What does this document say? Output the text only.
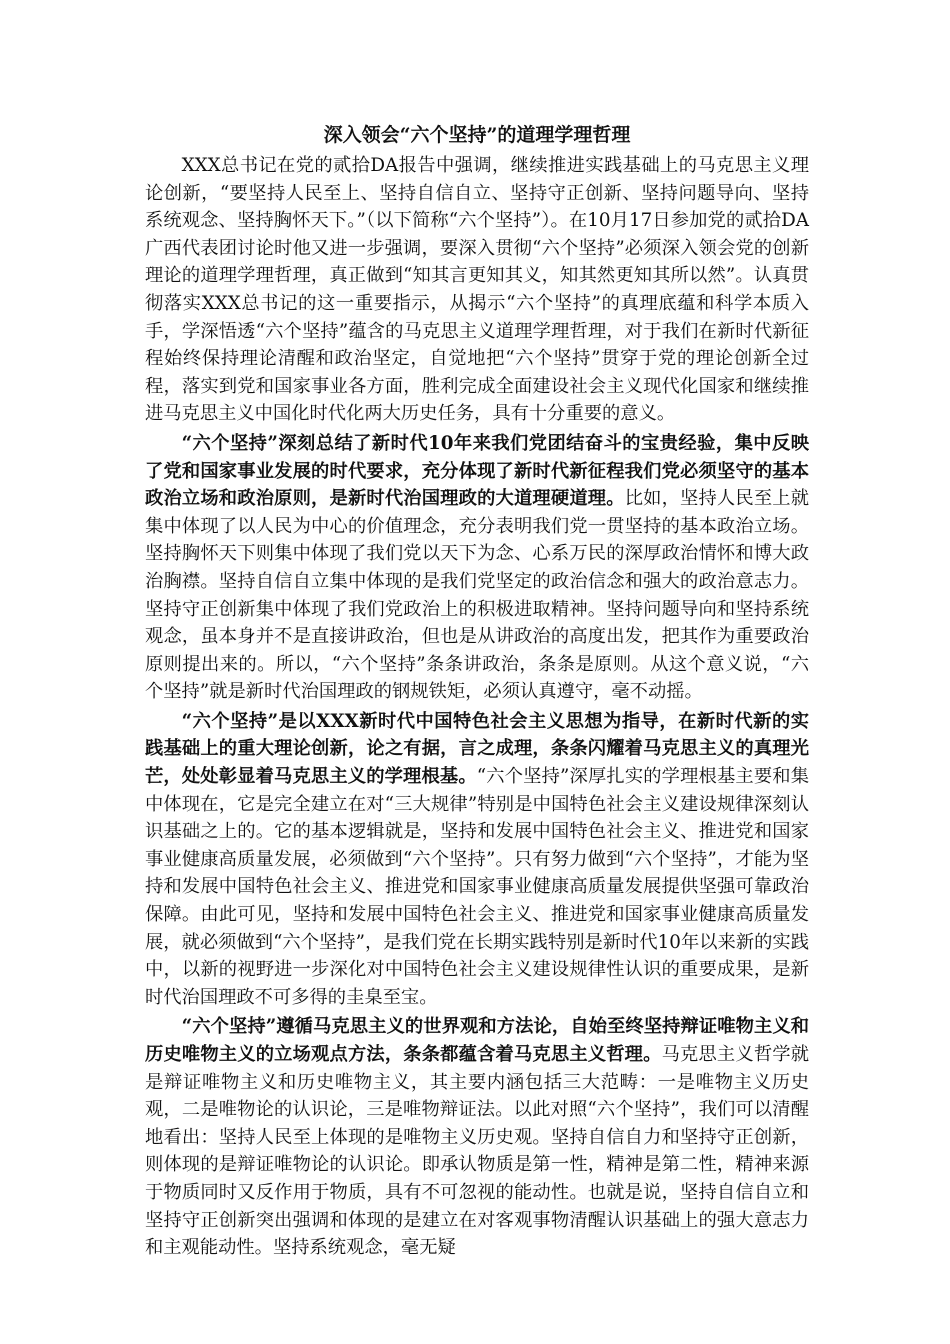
深入领会“六个坚持”的道理学理哲理

XXX总书记在党的贰拾DA报告中强调，继续推进实践基础上的马克思主义理论创新，“要坚持人民至上、坚持自信自立、坚持守正创新、坚持问题导向、坚持系统观念、坚持胸怀天下。”（以下简称“六个坚持”）。在10月17日参加党的贰拾DA广西代表团讨论时他又进一步强调，要深入贯彻“六个坚持”必须深入领会党的创新理论的道理学理哲理，真正做到“知其言更知其义，知其然更知其所以然”。认真贯彻落实XXX总书记的这一重要指示，从揭示“六个坚持”的真理底蕴和科学本质入手，学深悟透“六个坚持”蕴含的马克思主义道理学理哲理，对于我们在新时代新征程始终保持理论清醒和政治坚定，自觉地把“六个坚持”贯穿于党的理论创新全过程，落实到党和国家事业各方面，胜利完成全面建设社会主义现代化国家和继续推进马克思主义中国化时代化两大历史任务，具有十分重要的意义。

“六个坚持”深刻总结了新时代10年来我们党团结奋斗的宝贵经验，集中反映了党和国家事业发展的时代要求，充分体现了新时代新征程我们党必须坚守的基本政治立场和政治原则，是新时代治国理政的大道理硬道理。比如，坚持人民至上就集中体现了以人民为中心的价值理念，充分表明我们党一贯坚持的基本政治立场。坚持胸怀天下则集中体现了我们党以天下为念、心系万民的深厚政治情怀和博大政治胸襟。坚持自信自立集中体现的是我们党坚定的政治信念和强大的政治意志力。坚持守正创新集中体现了我们党政治上的积极进取精神。坚持问题导向和坚持系统观念，虽本身并不是直接讲政治，但也是从讲政治的高度出发，把其作为重要政治原则提出来的。所以，“六个坚持”条条讲政治，条条是原则。从这个意义说，“六个坚持”就是新时代治国理政的钢规铁矩，必须认真遵守，毫不动摇。

“六个坚持”是以XXX新时代中国特色社会主义思想为指导，在新时代新的实践基础上的重大理论创新，论之有据，言之成理，条条闪耀着马克思主义的真理光芒，处处彰显着马克思主义的学理根基。“六个坚持”深厚扎实的学理根基主要和集中体现在，它是完全建立在对“三大规律”特别是中国特色社会主义建设规律深刻认识基础之上的。它的基本逻辑就是，坚持和发展中国特色社会主义、推进党和国家事业健康高质量发展，必须做到“六个坚持”。只有努力做到“六个坚持”，才能为坚持和发展中国特色社会主义、推进党和国家事业健康高质量发展提供坚强可靠政治保障。由此可见，坚持和发展中国特色社会主义、推进党和国家事业健康高质量发展，就必须做到“六个坚持”，是我们党在长期实践特别是新时代10年以来新的实践中，以新的视野进一步深化对中国特色社会主义建设规律性认识的重要成果，是新时代治国理政不可多得的圭臬至宝。

“六个坚持”遵循马克思主义的世界观和方法论，自始至终坚持辩证唯物主义和历史唯物主义的立场观点方法，条条都蕴含着马克思主义哲理。马克思主义哲学就是辩证唯物主义和历史唯物主义，其主要内涵包括三大范畴：一是唯物主义历史观，二是唯物论的认识论，三是唯物辩证法。以此对照“六个坚持”，我们可以清醒地看出：坚持人民至上体现的是唯物主义历史观。坚持自信自力和坚持守正创新，则体现的是辩证唯物论的认识论。即承认物质是第一性，精神是第二性，精神来源于物质同时又反作用于物质，具有不可忽视的能动性。也就是说，坚持自信自立和坚持守正创新突出强调和体现的是建立在对客观事物清醒认识基础上的强大意志力和主观能动性。坚持系统观念，毫无疑
